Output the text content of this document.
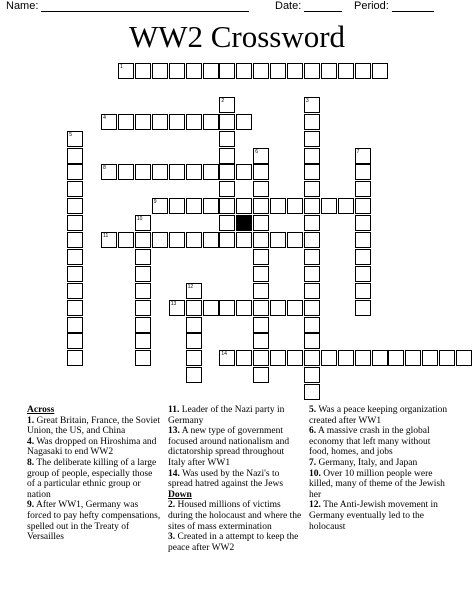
Name:	Date:	Period:
WW2 Crossword
1
2	3
4
5
6	7
8
9
10
11
12
13
14
Across

1. Great Britain, France, the Soviet Union, the US, and China

4. Was dropped on Hiroshima and Nagasaki to end WW2

8. The deliberate killing of a large group of people, especially those of a particular ethnic group or nation

9. After WW1, Germany was forced to pay hefty compensations, spelled out in the Treaty of Versailles

11. Leader of the Nazi party in Germany

13. A new type of government focused around nationalism and dictatorship spread throughout Italy after WW1

14. Was used by the Nazi's to spread hatred against the Jews

Down

2. Housed millions of victims during the holocaust and where the sites of mass extermination

3. Created in a attempt to keep the peace after WW2

5. Was a peace keeping organization created after WW1

6. A massive crash in the global economy that left many without food, homes, and jobs

7. Germany, Italy, and Japan

10. Over 10 million people were killed, many of theme of the Jewish her

12. The Anti-Jewish movement in Germany eventually led to the holocaust
